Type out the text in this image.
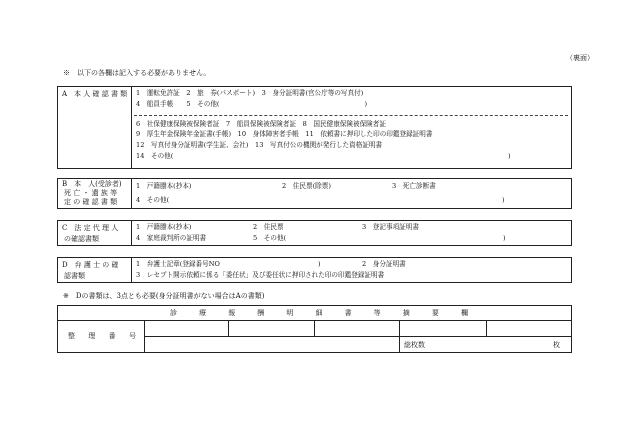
（裏面）
※　以下の各欄は記入する必要がありません。
A　本 人 確 認 書 類 1　運転免許証　2　旅　券(パスポート)　3　身分証明書(官公庁等の写真付)
4　船員手帳　　5　その他(　　　　　　　　　　　　　　　　　　　　　　)
6　社保健康保険被保険者証　7　船員保険被保険者証　8　国民健康保険被保険者証
9　厚生年金保険年金証書(手帳)　10　身体障害者手帳　11　依頼書に押印した印の印鑑登録証明書
12　写真付身分証明書(学生証、会社)　13　写真付公の機関が発行した資格証明書
14　その他(	)
B　本　人(受診者)
死 亡 ・ 遺 族 等
定 の 確 認 書 類
1　戸籍謄本(抄本)	2　住民票(除票)	3　死亡診断書
4　その他(	)
C　法 定 代 理 人
の確認書類
1　戸籍謄本(抄本)	2　住民票	3　登記事項証明書
4　家庭裁判所の証明書	5　その他(	)
D　弁 護 士 の 確
認書類
1　弁護士記章(登録番号NO	)	2　身分証明書
3　レセプト開示依頼に係る「委任状」及び委任状に押印された印の印鑑登録証明書
※　Dの書類は、3点とも必要(身分証明書がない場合はAの書類)
診	療	報	酬	明	細	書	等	摘	要	欄
整 理 番 号
総枚数	枚
